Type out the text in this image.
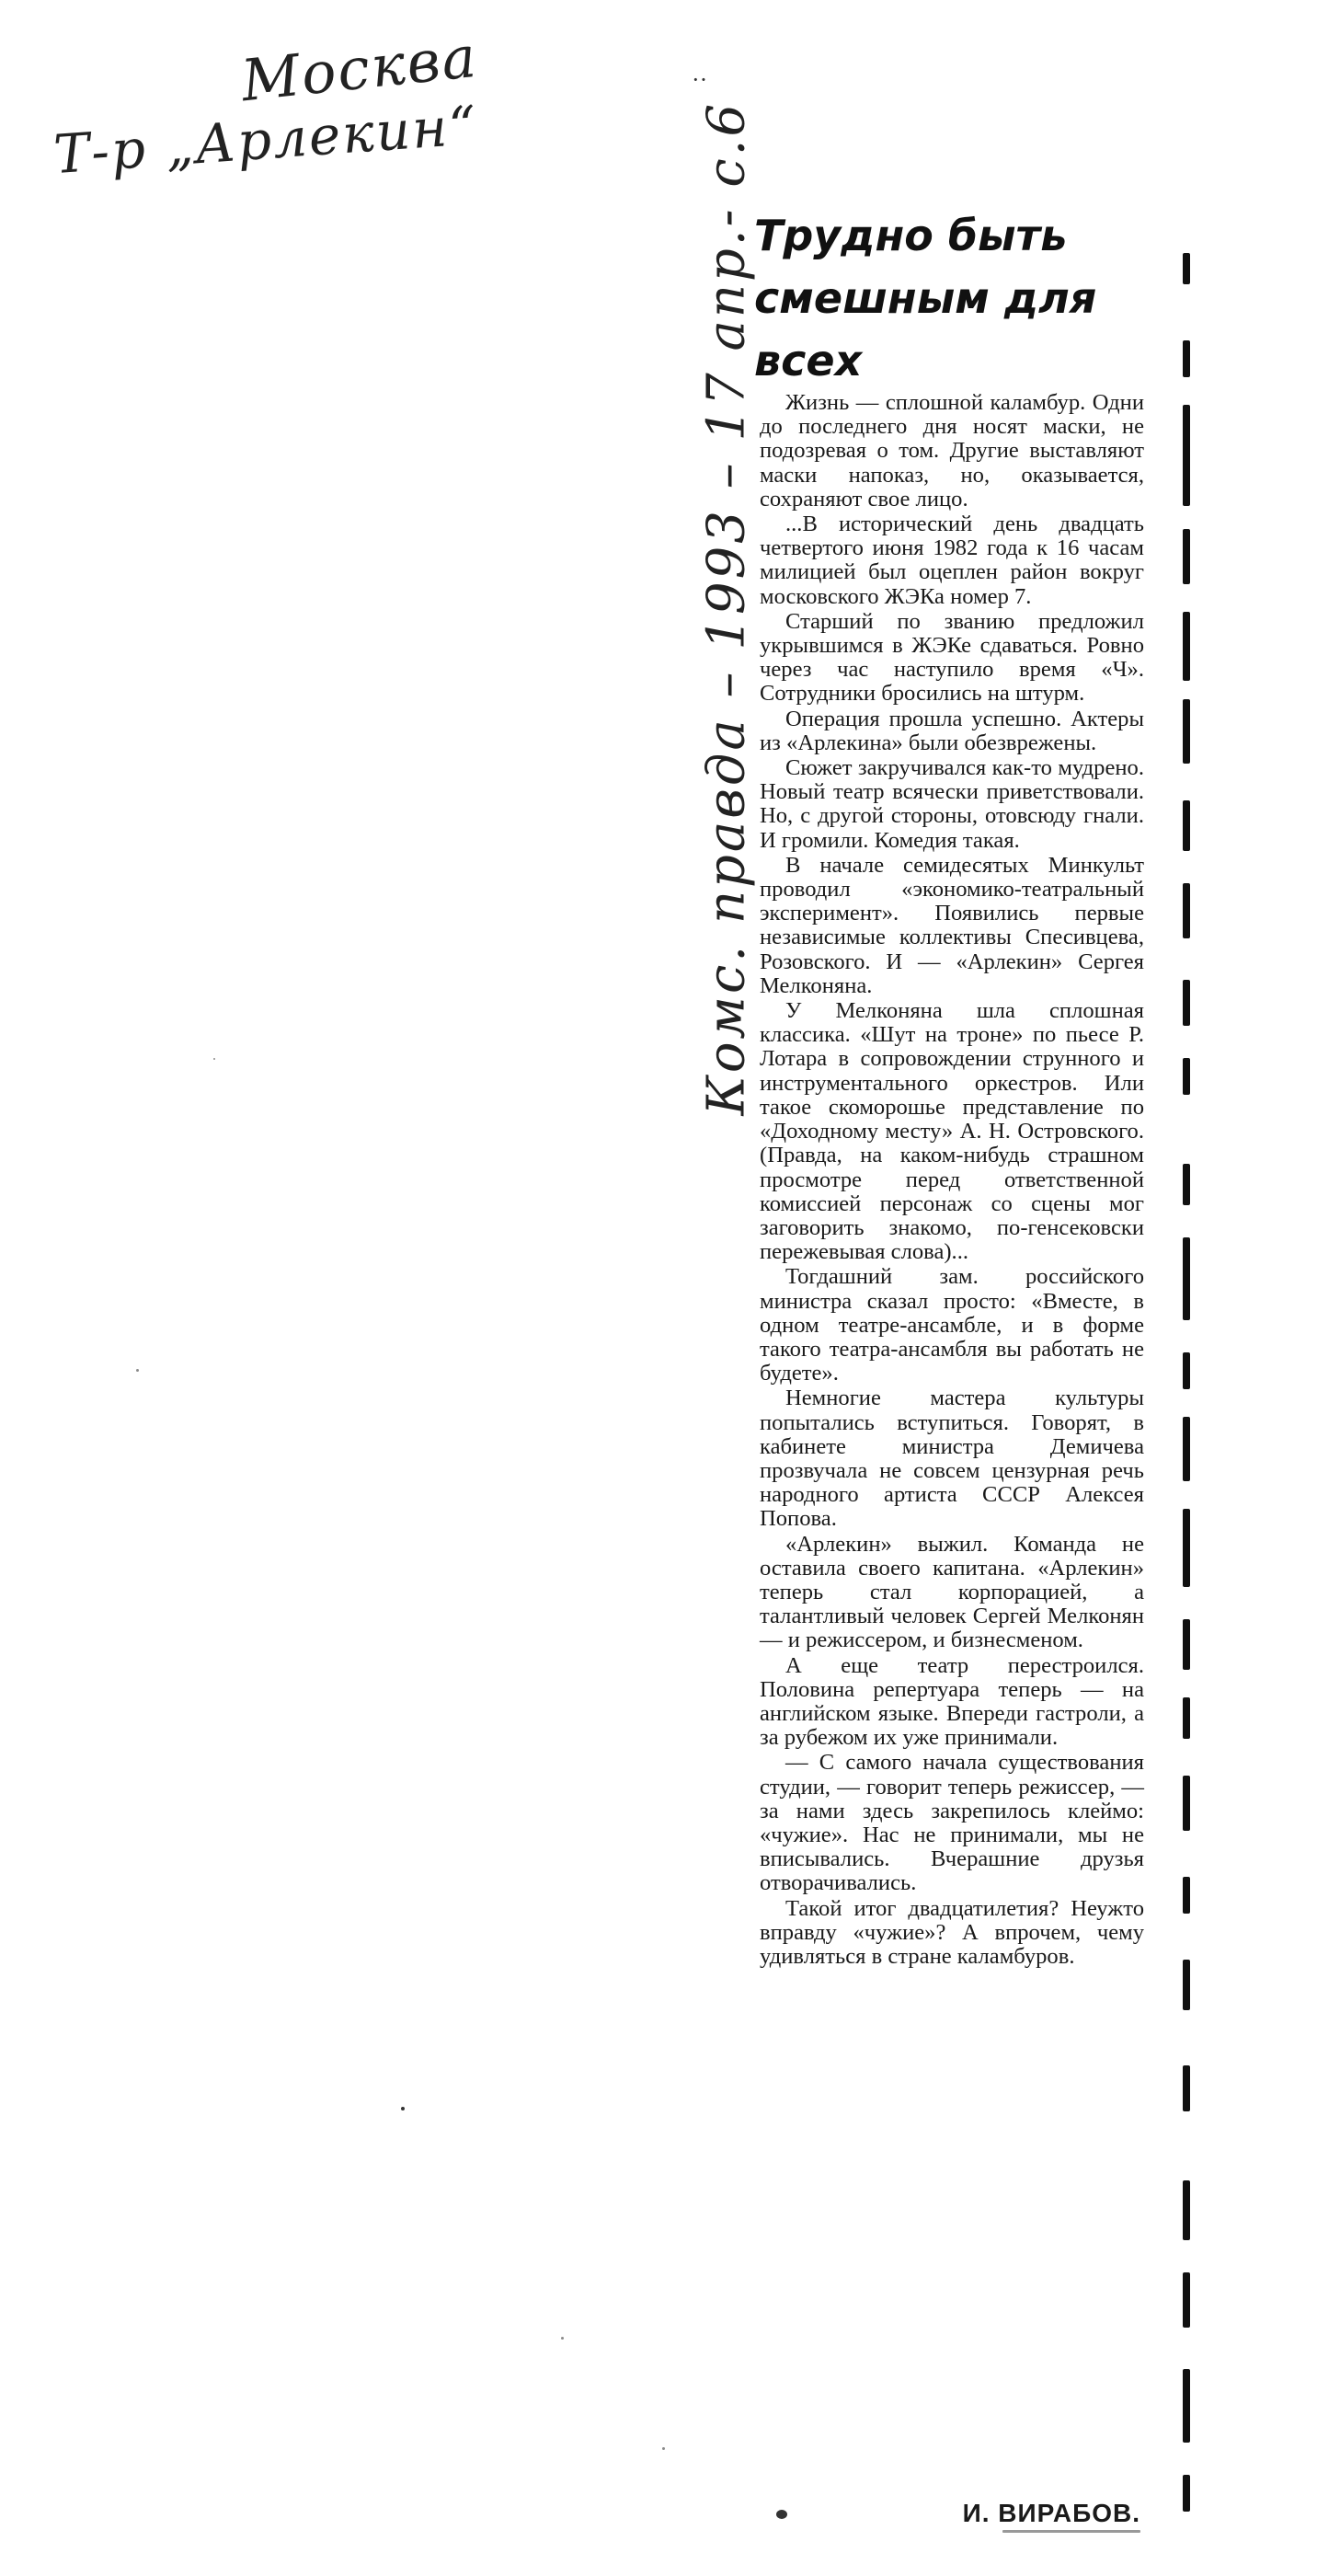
Москва
Т-р „Арлекин“	Комс. правда – 1993 – 17 апр.- с.6
··
Трудно быть смешным для всех

Жизнь — сплошной каламбур. Одни до последнего дня носят маски, не подозревая о том. Другие выставляют маски напоказ, но, оказывается, сохраняют свое лицо.

...В исторический день двадцать четвертого июня 1982 года к 16 часам милицией был оцеплен район вокруг московского ЖЭКа номер 7.

Старший по званию предложил укрывшимся в ЖЭКе сдаваться. Ровно через час наступило время «Ч». Сотрудники бросились на штурм.

Операция прошла успешно. Актеры из «Арлекина» были обезврежены.

Сюжет закручивался как-то мудрено. Новый театр всячески приветствовали. Но, с другой стороны, отовсюду гнали. И громили. Комедия такая.

В начале семидесятых Минкульт проводил «экономико-театральный эксперимент». Появились первые независимые коллективы Спесивцева, Розовского. И — «Арлекин» Сергея Мелконяна.

У Мелконяна шла сплошная классика. «Шут на троне» по пьесе Р. Лотара в сопровождении струнного и инструментального оркестров. Или такое скоморошье представление по «Доходному месту» А. Н. Островского. (Правда, на каком-нибудь страшном просмотре перед ответственной комиссией персонаж со сцены мог заговорить знакомо, по-генсековски пережевывая слова)...

Тогдашний зам. российского министра сказал просто: «Вместе, в одном театре-ансамбле, и в форме такого театра-ансамбля вы работать не будете».

Немногие мастера культуры попытались вступиться. Говорят, в кабинете министра Демичева прозвучала не совсем цензурная речь народного артиста СССР Алексея Попова.

«Арлекин» выжил. Команда не оставила своего капитана. «Арлекин» теперь стал корпорацией, а талантливый человек Сергей Мелконян — и режиссером, и бизнесменом.

А еще театр перестроился. Половина репертуара теперь — на английском языке. Впереди гастроли, а за рубежом их уже принимали.

— С самого начала существования студии, — говорит теперь режиссер, — за нами здесь закрепилось клеймо: «чужие». Нас не принимали, мы не вписывались. Вчерашние друзья отворачивались.

Такой итог двадцатилетия? Неужто вправду «чужие»? А впрочем, чему удивляться в стране каламбуров.

И. ВИРАБОВ.
